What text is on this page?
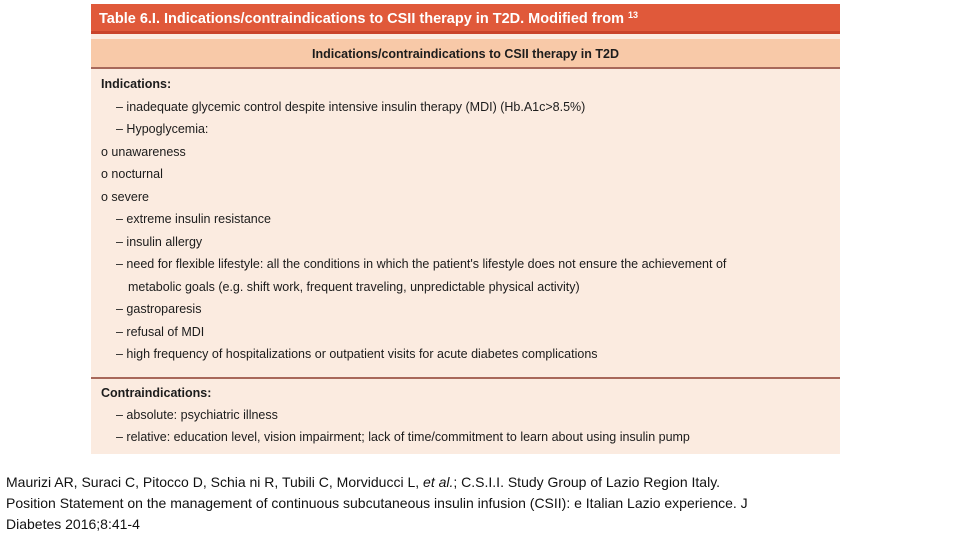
Table 6.I. Indications/contraindications to CSII therapy in T2D. Modified from $^{13}$
Indications/contraindications to CSII therapy in T2D
Indications:
– inadequate glycemic control despite intensive insulin therapy (MDI) (Hb.A1c>8.5%)
– Hypoglycemia:
o unawareness
o nocturnal
o severe
– extreme insulin resistance
– insulin allergy
– need for flexible lifestyle: all the conditions in which the patient's lifestyle does not ensure the achievement of
metabolic goals (e.g. shift work, frequent traveling, unpredictable physical activity)
– gastroparesis
– refusal of MDI
– high frequency of hospitalizations or outpatient visits for acute diabetes complications
Contraindications:
– absolute: psychiatric illness
– relative: education level, vision impairment; lack of time/commitment to learn about using insulin pump
Maurizi AR, Suraci C, Pitocco D, Schia ni R, Tubili C, Morviducci L, et al.; C.S.I.I. Study Group of Lazio Region Italy. Position Statement on the management of continuous subcutaneous insulin infusion (CSII): e Italian Lazio experience. J Diabetes 2016;8:41-4
